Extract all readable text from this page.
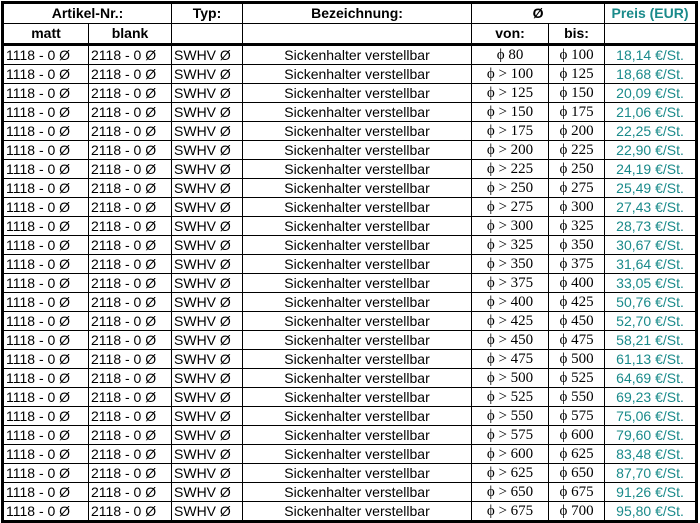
Artikel-Nr.:		Typ:	Bezeichnung:	Ø		Preis (EUR)
matt	blank			von:	bis:	
1118 - 0 Ø	2118 - 0 Ø	SWHV Ø	Sickenhalter verstellbar	ϕ 80	ϕ 100	18,14 €/St.
1118 - 0 Ø	2118 - 0 Ø	SWHV Ø	Sickenhalter verstellbar	ϕ > 100	ϕ 125	18,68 €/St.
1118 - 0 Ø	2118 - 0 Ø	SWHV Ø	Sickenhalter verstellbar	ϕ > 125	ϕ 150	20,09 €/St.
1118 - 0 Ø	2118 - 0 Ø	SWHV Ø	Sickenhalter verstellbar	ϕ > 150	ϕ 175	21,06 €/St.
1118 - 0 Ø	2118 - 0 Ø	SWHV Ø	Sickenhalter verstellbar	ϕ > 175	ϕ 200	22,25 €/St.
1118 - 0 Ø	2118 - 0 Ø	SWHV Ø	Sickenhalter verstellbar	ϕ > 200	ϕ 225	22,90 €/St.
1118 - 0 Ø	2118 - 0 Ø	SWHV Ø	Sickenhalter verstellbar	ϕ > 225	ϕ 250	24,19 €/St.
1118 - 0 Ø	2118 - 0 Ø	SWHV Ø	Sickenhalter verstellbar	ϕ > 250	ϕ 275	25,49 €/St.
1118 - 0 Ø	2118 - 0 Ø	SWHV Ø	Sickenhalter verstellbar	ϕ > 275	ϕ 300	27,43 €/St.
1118 - 0 Ø	2118 - 0 Ø	SWHV Ø	Sickenhalter verstellbar	ϕ > 300	ϕ 325	28,73 €/St.
1118 - 0 Ø	2118 - 0 Ø	SWHV Ø	Sickenhalter verstellbar	ϕ > 325	ϕ 350	30,67 €/St.
1118 - 0 Ø	2118 - 0 Ø	SWHV Ø	Sickenhalter verstellbar	ϕ > 350	ϕ 375	31,64 €/St.
1118 - 0 Ø	2118 - 0 Ø	SWHV Ø	Sickenhalter verstellbar	ϕ > 375	ϕ 400	33,05 €/St.
1118 - 0 Ø	2118 - 0 Ø	SWHV Ø	Sickenhalter verstellbar	ϕ > 400	ϕ 425	50,76 €/St.
1118 - 0 Ø	2118 - 0 Ø	SWHV Ø	Sickenhalter verstellbar	ϕ > 425	ϕ 450	52,70 €/St.
1118 - 0 Ø	2118 - 0 Ø	SWHV Ø	Sickenhalter verstellbar	ϕ > 450	ϕ 475	58,21 €/St.
1118 - 0 Ø	2118 - 0 Ø	SWHV Ø	Sickenhalter verstellbar	ϕ > 475	ϕ 500	61,13 €/St.
1118 - 0 Ø	2118 - 0 Ø	SWHV Ø	Sickenhalter verstellbar	ϕ > 500	ϕ 525	64,69 €/St.
1118 - 0 Ø	2118 - 0 Ø	SWHV Ø	Sickenhalter verstellbar	ϕ > 525	ϕ 550	69,23 €/St.
1118 - 0 Ø	2118 - 0 Ø	SWHV Ø	Sickenhalter verstellbar	ϕ > 550	ϕ 575	75,06 €/St.
1118 - 0 Ø	2118 - 0 Ø	SWHV Ø	Sickenhalter verstellbar	ϕ > 575	ϕ 600	79,60 €/St.
1118 - 0 Ø	2118 - 0 Ø	SWHV Ø	Sickenhalter verstellbar	ϕ > 600	ϕ 625	83,48 €/St.
1118 - 0 Ø	2118 - 0 Ø	SWHV Ø	Sickenhalter verstellbar	ϕ > 625	ϕ 650	87,70 €/St.
1118 - 0 Ø	2118 - 0 Ø	SWHV Ø	Sickenhalter verstellbar	ϕ > 650	ϕ 675	91,26 €/St.
1118 - 0 Ø	2118 - 0 Ø	SWHV Ø	Sickenhalter verstellbar	ϕ > 675	ϕ 700	95,80 €/St.
